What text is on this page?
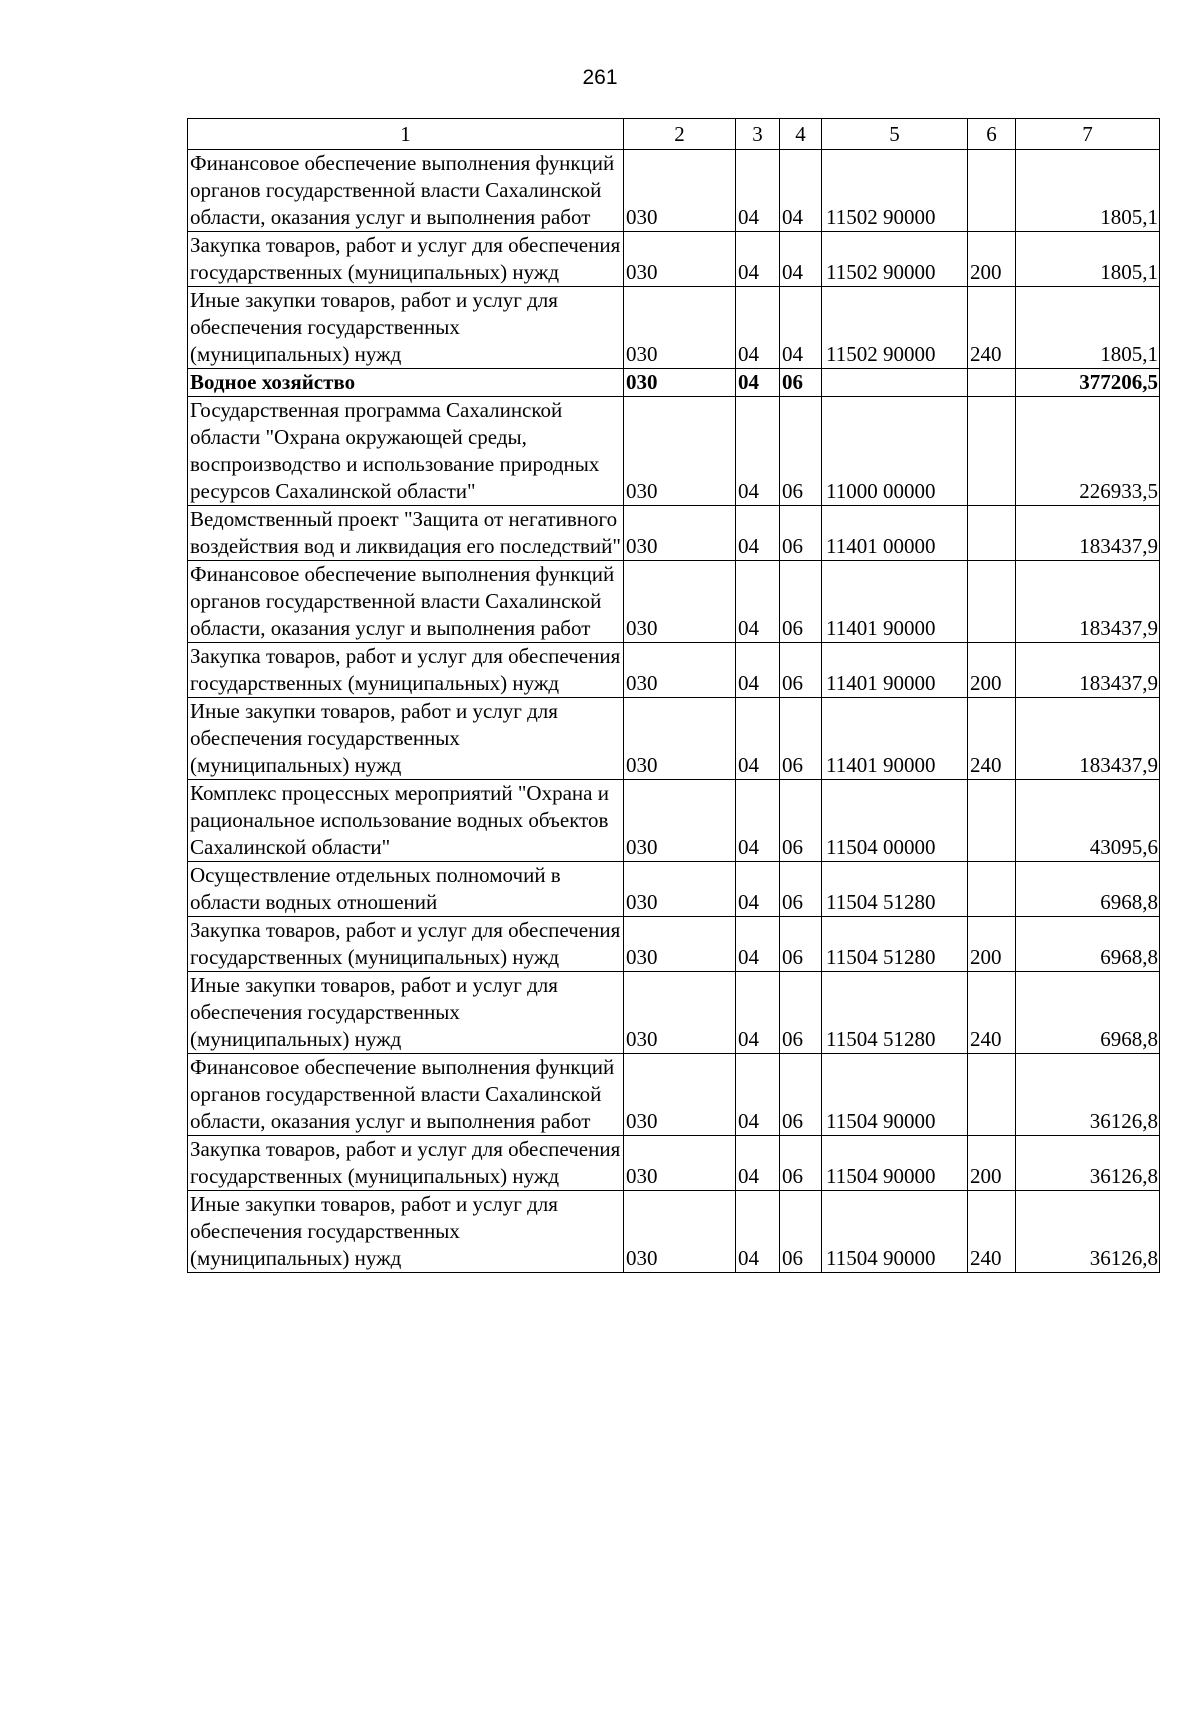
261
1	2	3	4	5	6	7
Финансовое обеспечение выполнения функций органов государственной власти Сахалинской области, оказания услуг и выполнения работ	030	04	04	11502 90000		1805,1
Закупка товаров, работ и услуг для обеспечения государственных (муниципальных) нужд	030	04	04	11502 90000	200	1805,1
Иные закупки товаров, работ и услуг для обеспечения государственных (муниципальных) нужд	030	04	04	11502 90000	240	1805,1
Водное хозяйство	030	04	06			377206,5
Государственная программа Сахалинской области "Охрана окружающей среды, воспроизводство и использование природных ресурсов Сахалинской области"	030	04	06	11000 00000		226933,5
Ведомственный проект "Защита от негативного воздействия вод и ликвидация его последствий"	030	04	06	11401 00000		183437,9
Финансовое обеспечение выполнения функций органов государственной власти Сахалинской области, оказания услуг и выполнения работ	030	04	06	11401 90000		183437,9
Закупка товаров, работ и услуг для обеспечения государственных (муниципальных) нужд	030	04	06	11401 90000	200	183437,9
Иные закупки товаров, работ и услуг для обеспечения государственных (муниципальных) нужд	030	04	06	11401 90000	240	183437,9
Комплекс процессных мероприятий "Охрана и рациональное использование водных объектов Сахалинской области"	030	04	06	11504 00000		43095,6
Осуществление отдельных полномочий в области водных отношений	030	04	06	11504 51280		6968,8
Закупка товаров, работ и услуг для обеспечения государственных (муниципальных) нужд	030	04	06	11504 51280	200	6968,8
Иные закупки товаров, работ и услуг для обеспечения государственных (муниципальных) нужд	030	04	06	11504 51280	240	6968,8
Финансовое обеспечение выполнения функций органов государственной власти Сахалинской области, оказания услуг и выполнения работ	030	04	06	11504 90000		36126,8
Закупка товаров, работ и услуг для обеспечения государственных (муниципальных) нужд	030	04	06	11504 90000	200	36126,8
Иные закупки товаров, работ и услуг для обеспечения государственных (муниципальных) нужд	030	04	06	11504 90000	240	36126,8
